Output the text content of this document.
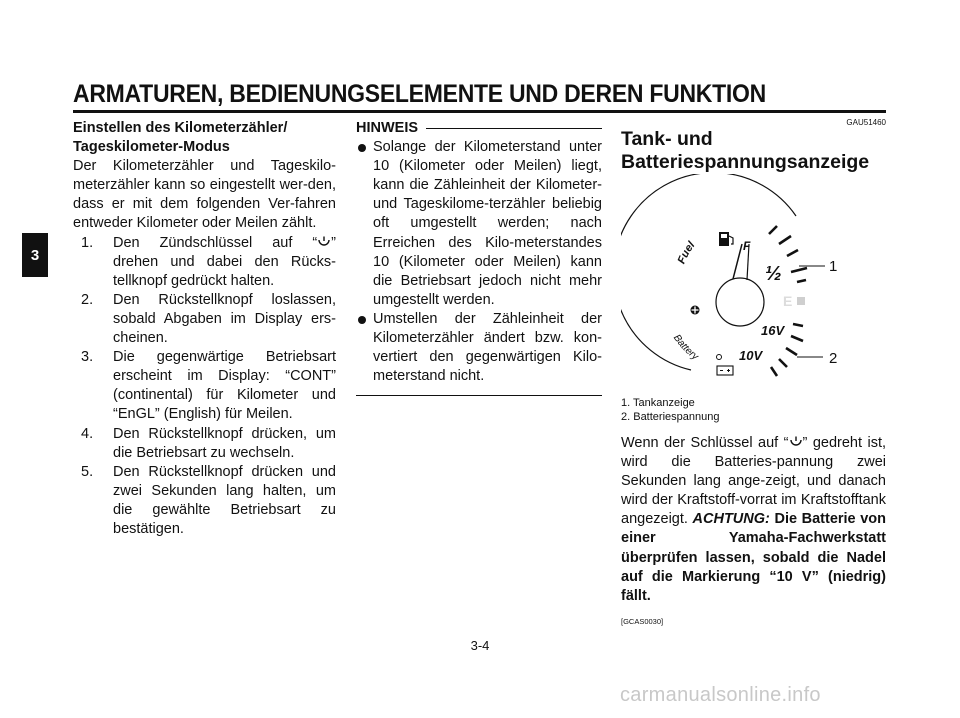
ARMATUREN, BEDIENUNGSELEMENTE UND DEREN FUNKTION
3

Einstellen des Kilometerzähler/

Tageskilometer-Modus

Der Kilometerzähler und Tageskilo-meterzähler kann so eingestellt wer-den, dass er mit dem folgenden Ver-fahren entweder Kilometer oder Meilen zählt.

1. Den Zündschlüssel auf “ ” drehen und dabei den Rücks-tellknopf gedrückt halten.
2. Den Rückstellknopf loslassen, sobald Abgaben im Display ers-cheinen.
3. Die gegenwärtige Betriebsart erscheint im Display: “CONT” (continental) für Kilometer und “EnGL” (English) für Meilen.
4. Den Rückstellknopf drücken, um die Betriebsart zu wechseln.
5. Den Rückstellknopf drücken und zwei Sekunden lang halten, um die gewählte Betriebsart zu bestätigen.
HINWEIS
Solange der Kilometerstand unter 10 (Kilometer oder Meilen) liegt, kann die Zähleinheit der Kilometer- und Tageskilome-terzähler beliebig oft umgestellt werden; nach Erreichen des Kilo-meterstandes 10 (Kilometer oder Meilen) kann die Betriebsart jedoch nicht mehr umgestellt werden.
Umstellen der Zähleinheit der Kilometerzähler ändert bzw. kon-vertiert den gegenwärtigen Kilo-meterstand nicht.
GAU51460

Tank- und

Batteriespannungsanzeige

Fuel
Battery
F
½
E
16V
10V
1
2
1. Tankanzeige
2. Batteriespannung

Wenn der Schlüssel auf “ ” gedreht ist, wird die Batteries-pannung zwei Sekunden lang ange-zeigt, und danach wird der Kraftstoff-vorrat im Kraftstofftank angezeigt. ACHTUNG: Die Batterie von einer Yamaha-Fachwerkstatt überprüfen lassen, sobald die Nadel auf die Markierung “10 V” (niedrig) fällt.

[GCAS0030]
3-4
carmanualsonline.info
